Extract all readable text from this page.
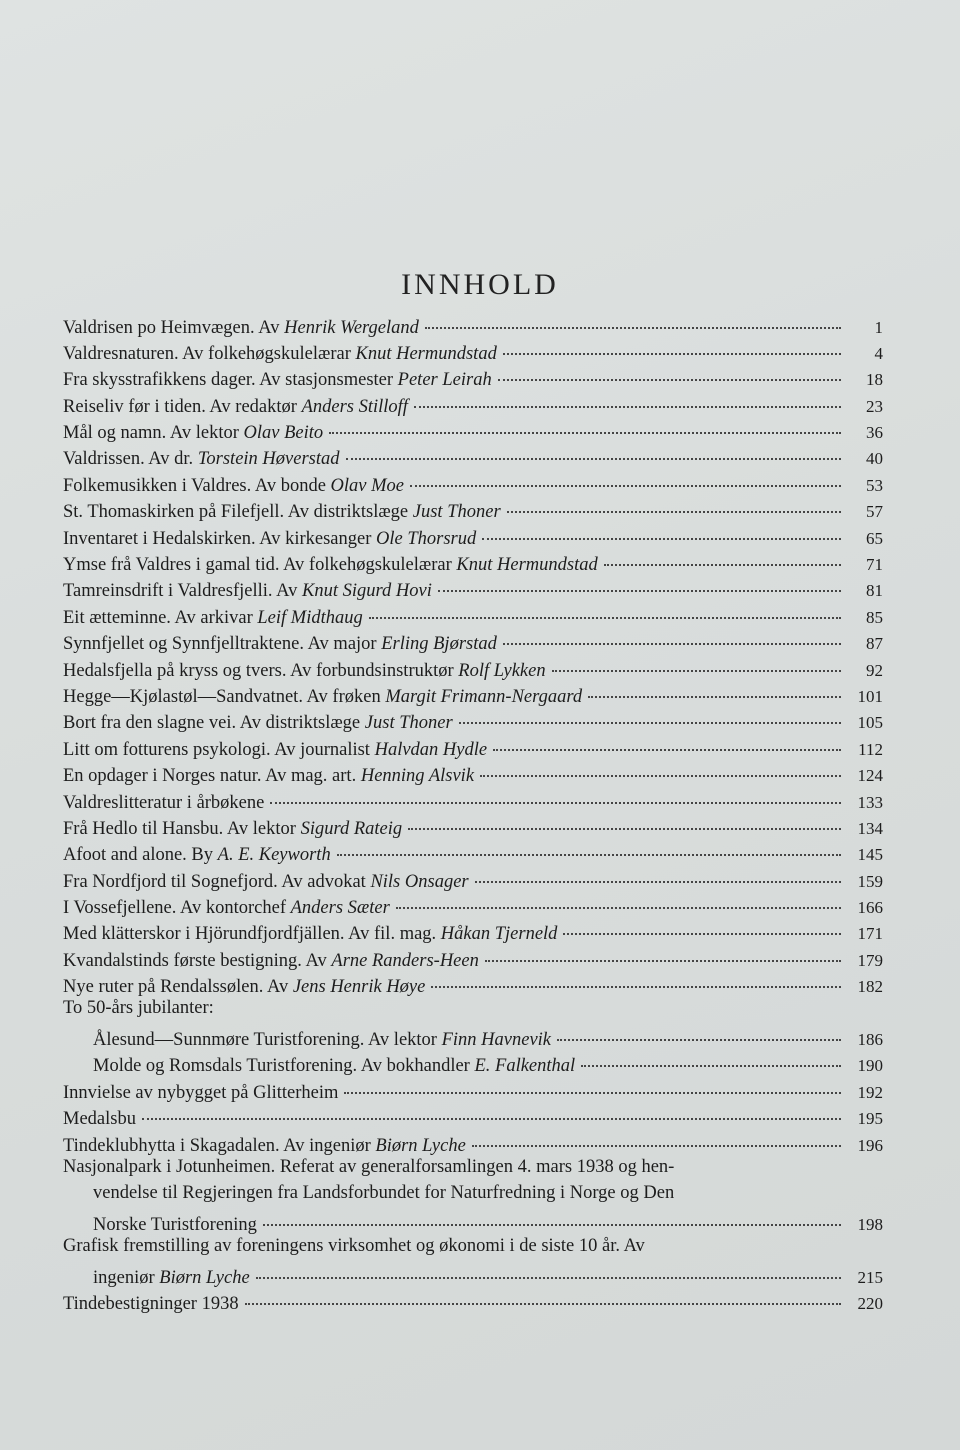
INNHOLD
Valdrisen po Heimvægen. Av Henrik Wergeland	1
Valdresnaturen. Av folkehøgskulelærar Knut Hermundstad	4
Fra skysstrafikkens dager. Av stasjonsmester Peter Leirah	18
Reiseliv før i tiden. Av redaktør Anders Stilloff	23
Mål og namn. Av lektor Olav Beito	36
Valdrissen. Av dr. Torstein Høverstad	40
Folkemusikken i Valdres. Av bonde Olav Moe	53
St. Thomaskirken på Filefjell. Av distriktslæge Just Thoner	57
Inventaret i Hedalskirken. Av kirkesanger Ole Thorsrud	65
Ymse frå Valdres i gamal tid. Av folkehøgskulelærar Knut Hermundstad	71
Tamreinsdrift i Valdresfjelli. Av Knut Sigurd Hovi	81
Eit ætteminne. Av arkivar Leif Midthaug	85
Synnfjellet og Synnfjelltraktene. Av major Erling Bjørstad	87
Hedalsfjella på kryss og tvers. Av forbundsinstruktør Rolf Lykken	92
Hegge—Kjølastøl—Sandvatnet. Av frøken Margit Frimann-Nergaard	101
Bort fra den slagne vei. Av distriktslæge Just Thoner	105
Litt om fotturens psykologi. Av journalist Halvdan Hydle	112
En opdager i Norges natur. Av mag. art. Henning Alsvik	124
Valdreslitteratur i årbøkene	133
Frå Hedlo til Hansbu. Av lektor Sigurd Rateig	134
Afoot and alone. By A. E. Keyworth	145
Fra Nordfjord til Sognefjord. Av advokat Nils Onsager	159
I Vossefjellene. Av kontorchef Anders Sæter	166
Med klätterskor i Hjörundfjordfjällen. Av fil. mag. Håkan Tjerneld	171
Kvandalstinds første bestigning. Av Arne Randers-Heen	179
Nye ruter på Rendalssølen. Av Jens Henrik Høye	182
To 50-års jubilanter:
Ålesund—Sunnmøre Turistforening. Av lektor Finn Havnevik	186
Molde og Romsdals Turistforening. Av bokhandler E. Falkenthal	190
Innvielse av nybygget på Glitterheim	192
Medalsbu	195
Tindeklubhytta i Skagadalen. Av ingeniør Biørn Lyche	196
Nasjonalpark i Jotunheimen. Referat av generalforsamlingen 4. mars 1938 og hen-
vendelse til Regjeringen fra Landsforbundet for Naturfredning i Norge og Den
Norske Turistforening	198
Grafisk fremstilling av foreningens virksomhet og økonomi i de siste 10 år. Av
ingeniør Biørn Lyche	215
Tindebestigninger 1938	220
